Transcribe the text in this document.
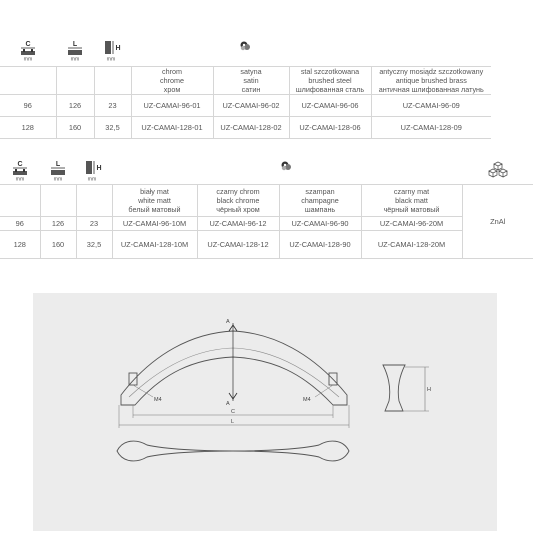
C
mm	L
mm	H
mm

			chrom
chrome
хром	satyna
satin
сатин	stal szczotkowana
brushed steel
шлифованная сталь	antyczny mosiądz szczotkowany
antique brushed brass
античная шлифованная латунь

96	126	23	UZ-CAMAI-96-01	UZ-CAMAI-96-02	UZ-CAMAI-96-06	UZ-CAMAI-96-09
128	160	32,5	UZ-CAMAI-128-01	UZ-CAMAI-128-02	UZ-CAMAI-128-06	UZ-CAMAI-128-09
C
mm	L
mm	H
mm

			biały mat
white matt
белый матовый	czarny chrom
black chrome
чёрный хром	szampan
champagne
шампань	czarny mat
black matt
чёрный матовый	ZnAl
96	126	23	UZ-CAMAI-96-10M	UZ-CAMAI-96-12	UZ-CAMAI-96-90	UZ-CAMAI-96-20M	
128	160	32,5	UZ-CAMAI-128-10M	UZ-CAMAI-128-12	UZ-CAMAI-128-90	UZ-CAMAI-128-20M	
A
A
M4	M4
C
L
H
